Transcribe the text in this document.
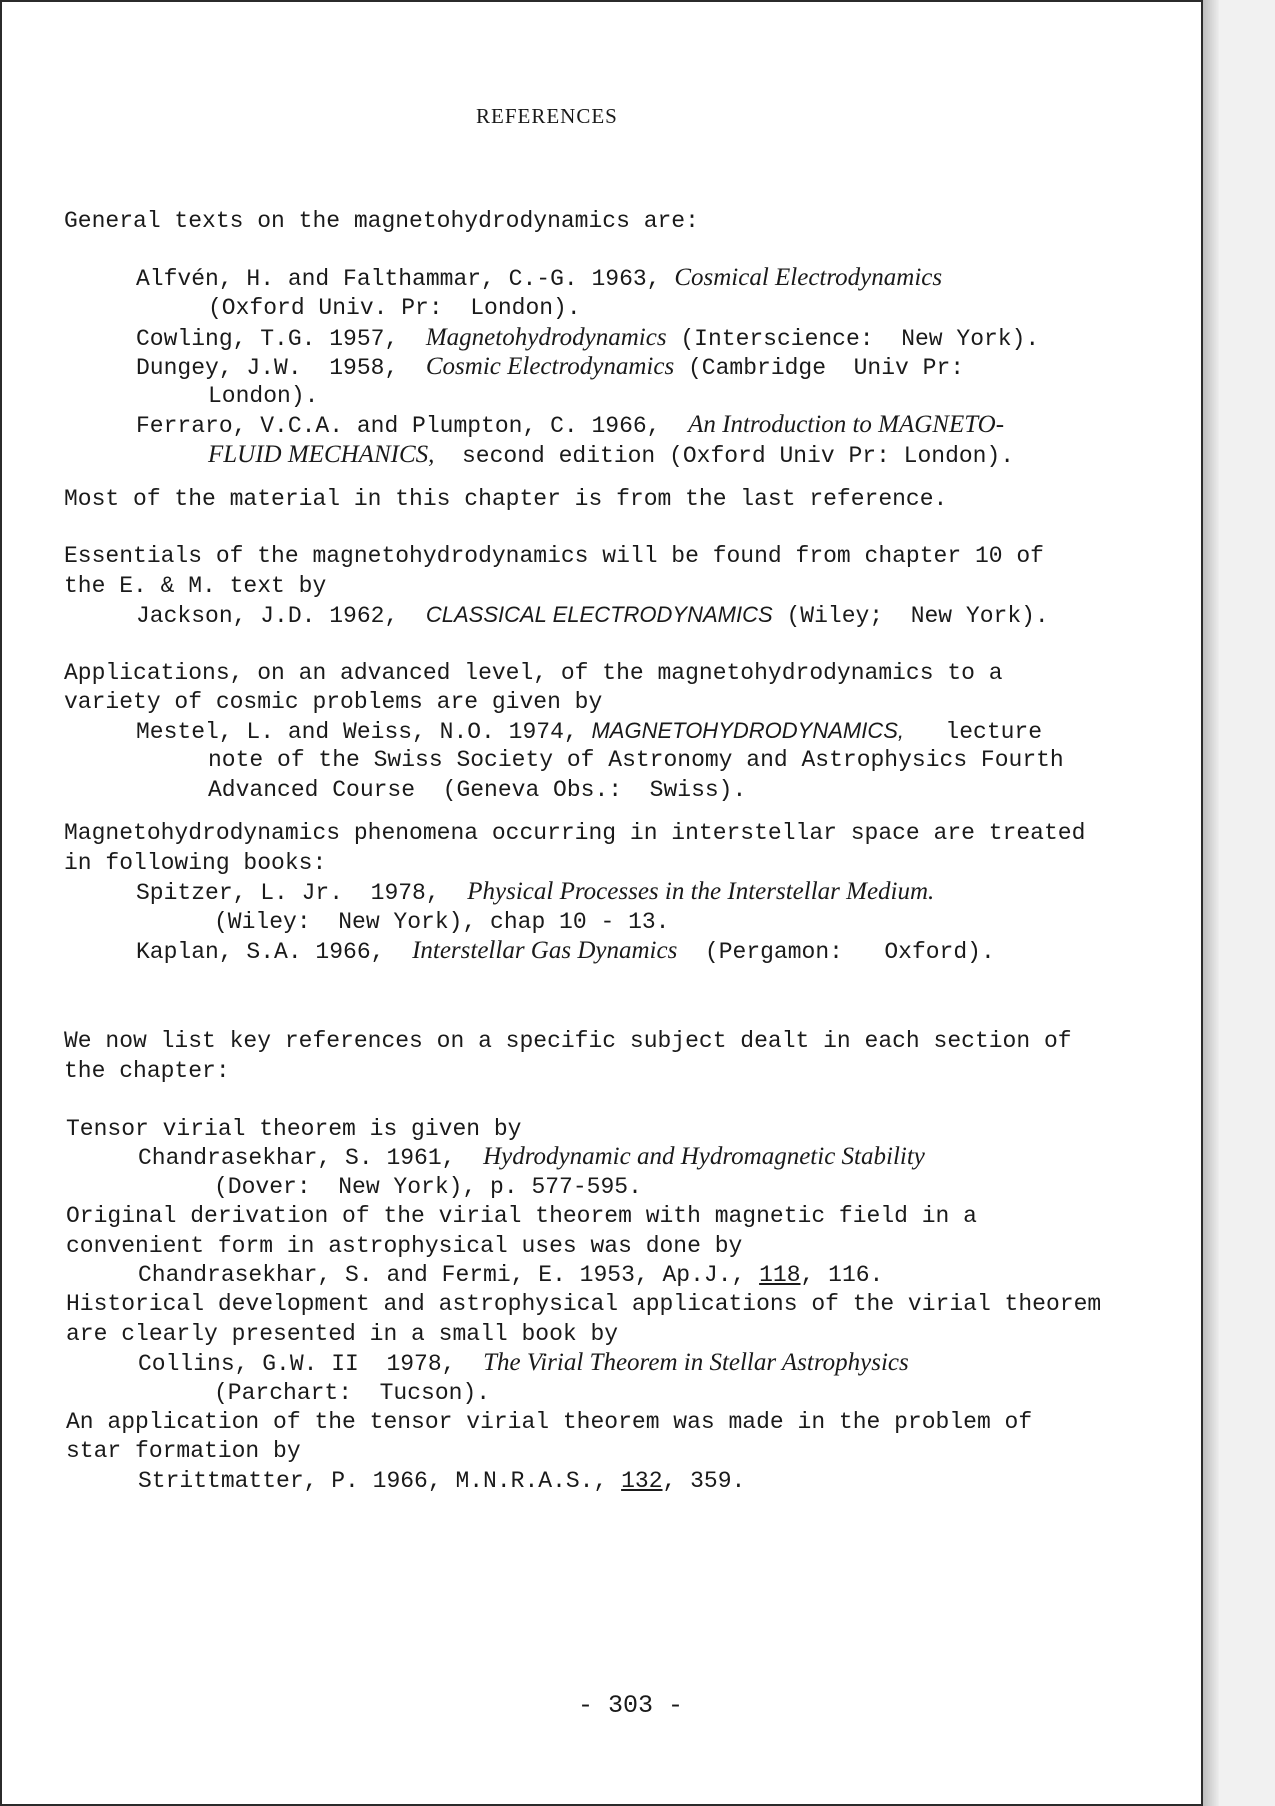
REFERENCES
General texts on the magnetohydrodynamics are:
Alfvén, H. and Falthammar, C.-G. 1963, Cosmical Electrodynamics
(Oxford Univ. Pr:  London).
Cowling, T.G. 1957, Magnetohydrodynamics (Interscience:  New York).
Dungey, J.W.  1958, Cosmic Electrodynamics (Cambridge  Univ Pr:
London).
Ferraro, V.C.A. and Plumpton, C. 1966, An Introduction to MAGNETO-
FLUID MECHANICS, second edition (Oxford Univ Pr: London).
Most of the material in this chapter is from the last reference.
Essentials of the magnetohydrodynamics will be found from chapter 10 of
the E. & M. text by
Jackson, J.D. 1962, CLASSICAL ELECTRODYNAMICS (Wiley;  New York).
Applications, on an advanced level, of the magnetohydrodynamics to a
variety of cosmic problems are given by
Mestel, L. and Weiss, N.O. 1974, MAGNETOHYDRODYNAMICS, lecture
note of the Swiss Society of Astronomy and Astrophysics Fourth
Advanced Course  (Geneva Obs.:  Swiss).
Magnetohydrodynamics phenomena occurring in interstellar space are treated
in following books:
Spitzer, L. Jr.  1978, Physical Processes in the Interstellar Medium.
(Wiley:  New York), chap 10 - 13.
Kaplan, S.A. 1966, Interstellar Gas Dynamics (Pergamon:   Oxford).
We now list key references on a specific subject dealt in each section of
the chapter:
Tensor virial theorem is given by
Chandrasekhar, S. 1961, Hydrodynamic and Hydromagnetic Stability
(Dover:  New York), p. 577-595.
Original derivation of the virial theorem with magnetic field in a
convenient form in astrophysical uses was done by
Chandrasekhar, S. and Fermi, E. 1953, Ap.J., 118, 116.
Historical development and astrophysical applications of the virial theorem
are clearly presented in a small book by
Collins, G.W. II  1978, The Virial Theorem in Stellar Astrophysics
(Parchart:  Tucson).
An application of the tensor virial theorem was made in the problem of
star formation by
Strittmatter, P. 1966, M.N.R.A.S., 132, 359.
- 303 -
